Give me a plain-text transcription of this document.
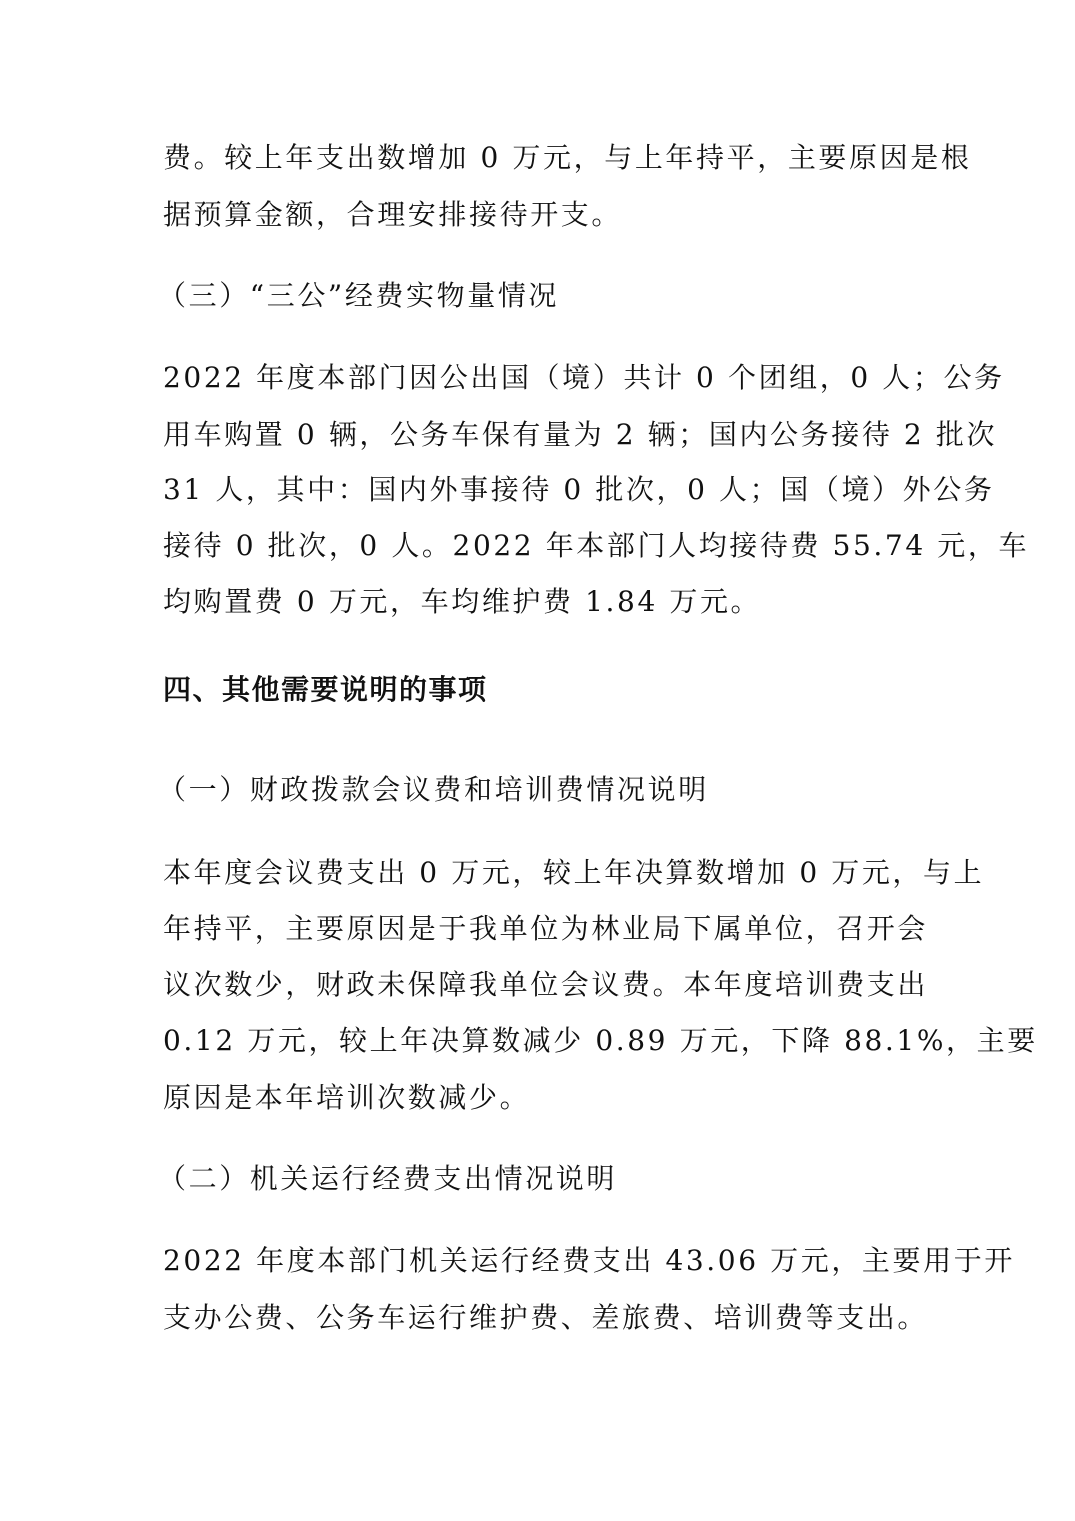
费。较上年支出数增加 0 万元，与上年持平，主要原因是根
据预算金额，合理安排接待开支。
（三）“三公”经费实物量情况
2022 年度本部门因公出国（境）共计 0 个团组，0 人；公务
用车购置 0 辆，公务车保有量为 2 辆；国内公务接待 2 批次
31 人，其中：国内外事接待 0 批次，0 人；国（境）外公务
接待 0 批次，0 人。2022 年本部门人均接待费 55.74 元，车
均购置费 0 万元，车均维护费 1.84 万元。
四、其他需要说明的事项
（一）财政拨款会议费和培训费情况说明
本年度会议费支出 0 万元，较上年决算数增加 0 万元，与上
年持平，主要原因是于我单位为林业局下属单位，召开会
议次数少，财政未保障我单位会议费。本年度培训费支出
0.12 万元，较上年决算数减少 0.89 万元，下降 88.1%，主要
原因是本年培训次数减少。
（二）机关运行经费支出情况说明
2022 年度本部门机关运行经费支出 43.06 万元，主要用于开
支办公费、公务车运行维护费、差旅费、培训费等支出。
